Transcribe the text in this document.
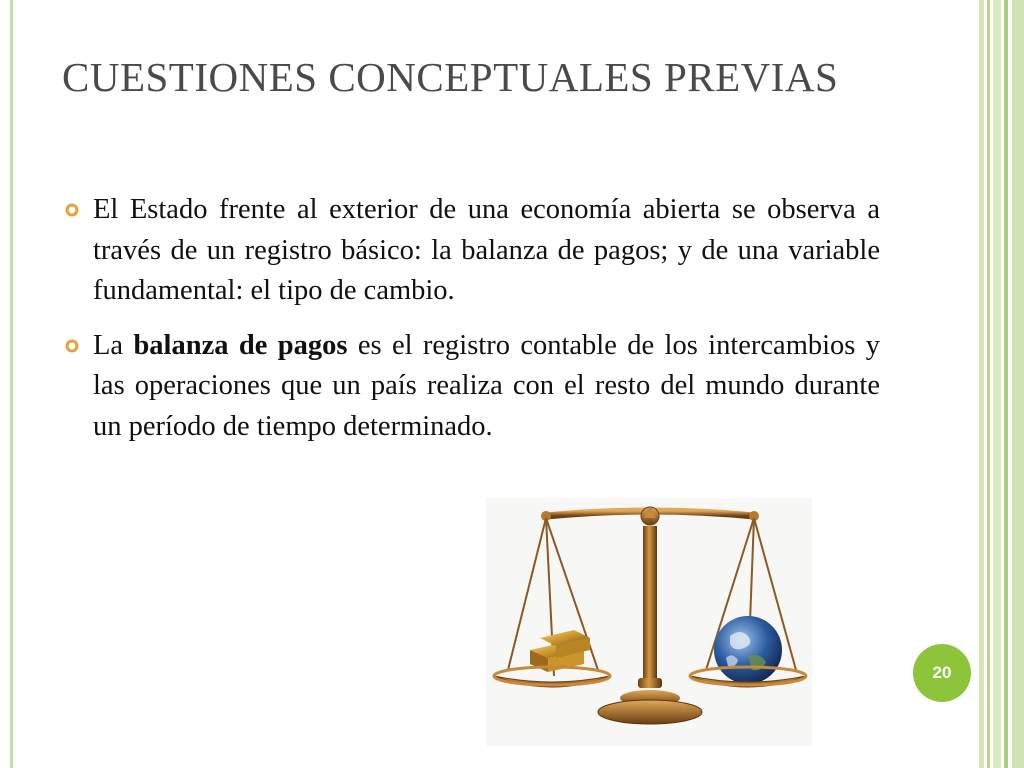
CUESTIONES CONCEPTUALES PREVIAS

El Estado frente al exterior de una economía abierta se observa a través de un registro básico: la balanza de pagos; y de una variable fundamental: el tipo de cambio.

La balanza de pagos es el registro contable de los intercambios y las operaciones que un país realiza con el resto del mundo durante un período de tiempo determinado.

20
